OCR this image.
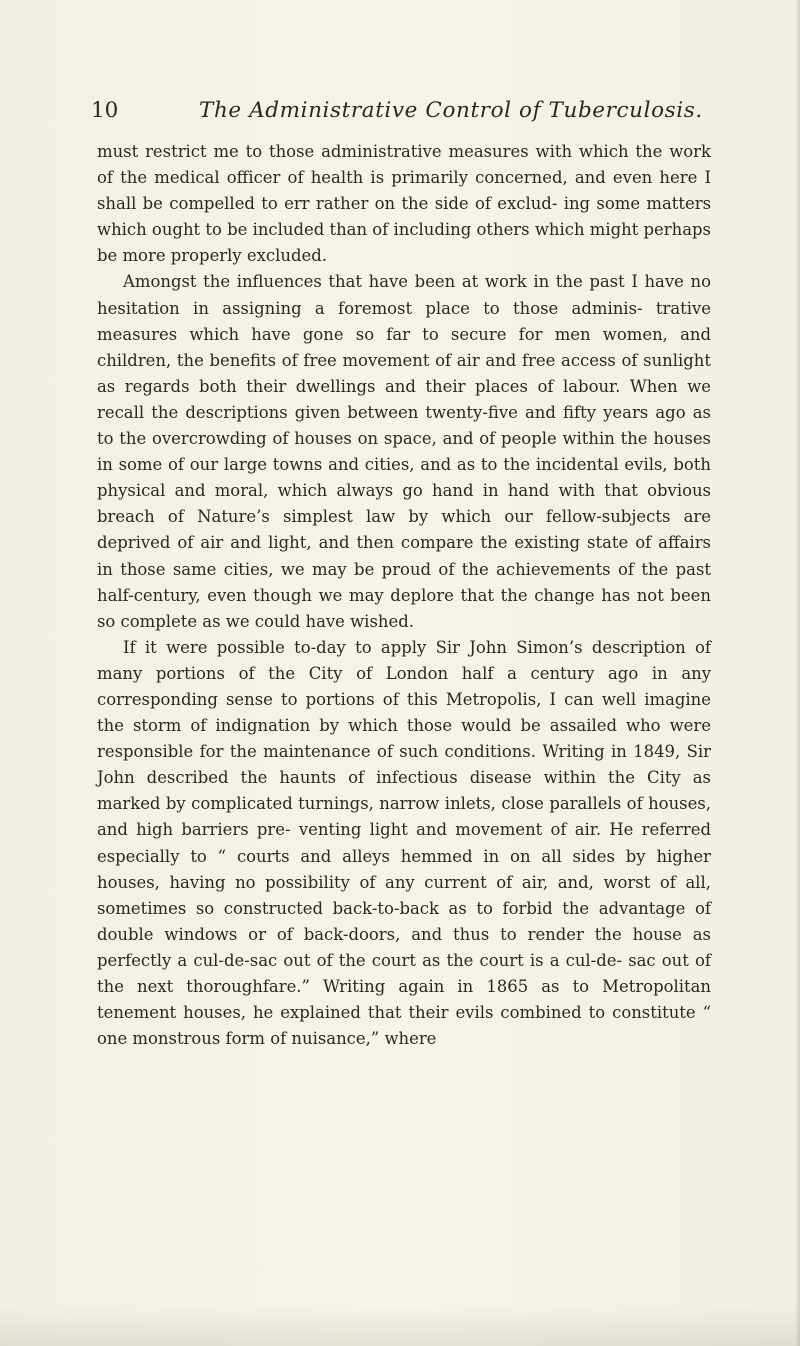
10	The Administrative Control of Tuberculosis.

must restrict me to those administrative measures with which the work of the medical officer of health is primarily concerned, and even here I shall be compelled to err rather on the side of exclud- ing some matters which ought to be included than of including others which might perhaps be more properly excluded.

Amongst the influences that have been at work in the past I have no hesitation in assigning a foremost place to those adminis- trative measures which have gone so far to secure for men women, and children, the benefits of free movement of air and free access of sunlight as regards both their dwellings and their places of labour. When we recall the descriptions given between twenty-five and fifty years ago as to the overcrowding of houses on space, and of people within the houses in some of our large towns and cities, and as to the incidental evils, both physical and moral, which always go hand in hand with that obvious breach of Nature’s simplest law by which our fellow-subjects are deprived of air and light, and then compare the existing state of affairs in those same cities, we may be proud of the achievements of the past half-century, even though we may deplore that the change has not been so complete as we could have wished.

If it were possible to-day to apply Sir John Simon’s description of many portions of the City of London half a century ago in any corresponding sense to portions of this Metropolis, I can well imagine the storm of indignation by which those would be assailed who were responsible for the maintenance of such conditions. Writing in 1849, Sir John described the haunts of infectious disease within the City as marked by complicated turnings, narrow inlets, close parallels of houses, and high barriers pre- venting light and movement of air. He referred especially to “ courts and alleys hemmed in on all sides by higher houses, having no possibility of any current of air, and, worst of all, sometimes so constructed back-to-back as to forbid the advantage of double windows or of back-doors, and thus to render the house as perfectly a cul-de-sac out of the court as the court is a cul-de- sac out of the next thoroughfare.” Writing again in 1865 as to Metropolitan tenement houses, he explained that their evils combined to constitute “ one monstrous form of nuisance,” where
